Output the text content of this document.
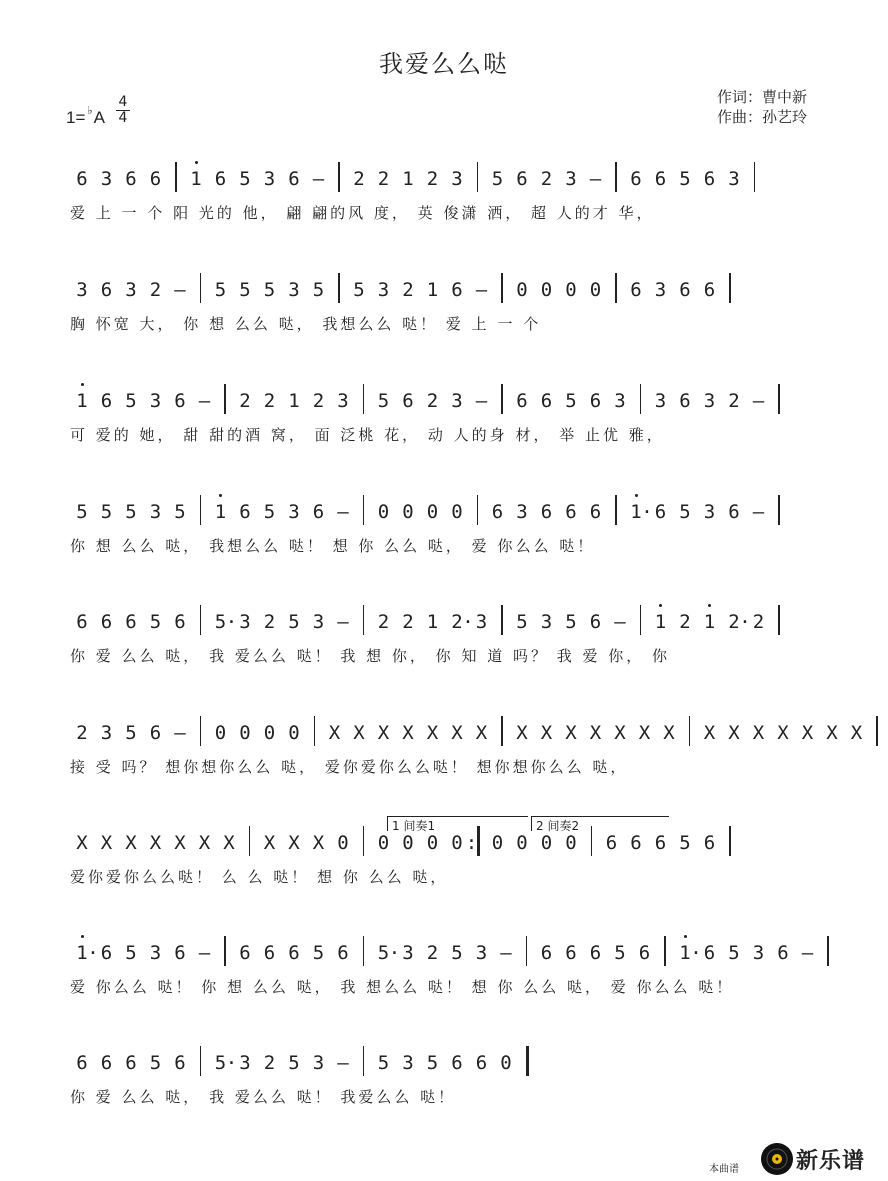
我爱么么哒
1= ♭A
4
4
作词：曹中新
作曲：孙艺玲
6 3 6 6 1 6 5 3 6 – 2 2 1 2 3 5 6 2 3 – 6 6 5 6 3
爱 上 一 个 阳 光的 他， 翩 翩的风 度， 英 俊潇 洒， 超 人的才 华，
3 6 3 2 – 5 5 5 3 5 5 3 2 1 6 – 0 0 0 0 6 3 6 6
胸 怀宽 大， 你 想 么么 哒， 我想么么 哒！ 爱 上 一 个
1 6 5 3 6 – 2 2 1 2 3 5 6 2 3 – 6 6 5 6 3 3 6 3 2 –
可 爱的 她， 甜 甜的酒 窝， 面 泛桃 花， 动 人的身 材， 举 止优 雅，
5 5 5 3 5 1 6 5 3 6 – 0 0 0 0 6 3 6 6 6 1 · 6 5 3 6 –
你 想 么么 哒， 我想么么 哒！ 想 你 么么 哒， 爱 你么么 哒！
6 6 6 5 6 5 · 3 2 5 3 – 2 2 1 2 · 3 5 3 5 6 – 1 2 1 2 · 2
你 爱 么么 哒， 我 爱么么 哒！ 我 想 你， 你 知 道 吗？ 我 爱 你， 你
2 3 5 6 – 0 0 0 0 X X X X X X X X X X X X X X X X X X X X X
接 受 吗？ 想你想你么么 哒， 爱你爱你么么哒！ 想你想你么么 哒，
1 间奏1	2 间奏2
X X X X X X X X X X 0 0 0 0 0 : 0 0 0 0 6 6 6 5 6
爱你爱你么么哒！ 么 么 哒！ 想 你 么么 哒，
1 · 6 5 3 6 – 6 6 6 5 6 5 · 3 2 5 3 – 6 6 6 5 6 1 · 6 5 3 6 –
爱 你么么 哒！ 你 想 么么 哒， 我 想么么 哒！ 想 你 么么 哒， 爱 你么么 哒！
6 6 6 5 6 5 · 3 2 5 3 – 5 3 5 6 6 0
你 爱 么么 哒， 我 爱么么 哒！ 我爱么么 哒！
本曲谱	新乐谱
